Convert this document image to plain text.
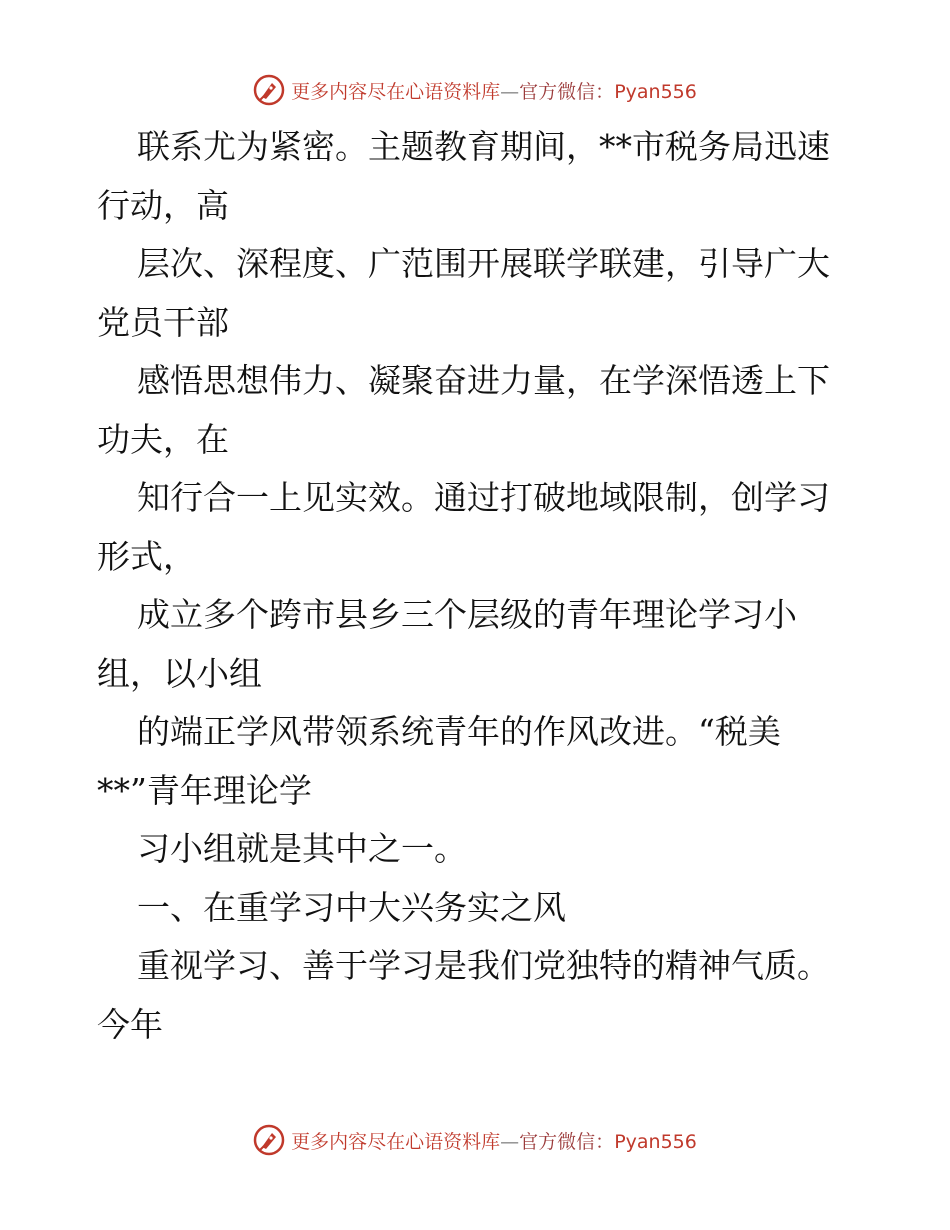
更多内容尽在心语资料库—官方微信：Pyan556
联系尤为紧密。主题教育期间，**市税务局迅速
行动，高
层次、深程度、广范围开展联学联建，引导广大
党员干部
感悟思想伟力、凝聚奋进力量，在学深悟透上下
功夫，在
知行合一上见实效。通过打破地域限制，创学习
形式，
成立多个跨市县乡三个层级的青年理论学习小
组，以小组
的端正学风带领系统青年的作风改进。“税美
**”青年理论学
习小组就是其中之一。
一、在重学习中大兴务实之风
重视学习、善于学习是我们党独特的精神气质。
今年
更多内容尽在心语资料库—官方微信：Pyan556
